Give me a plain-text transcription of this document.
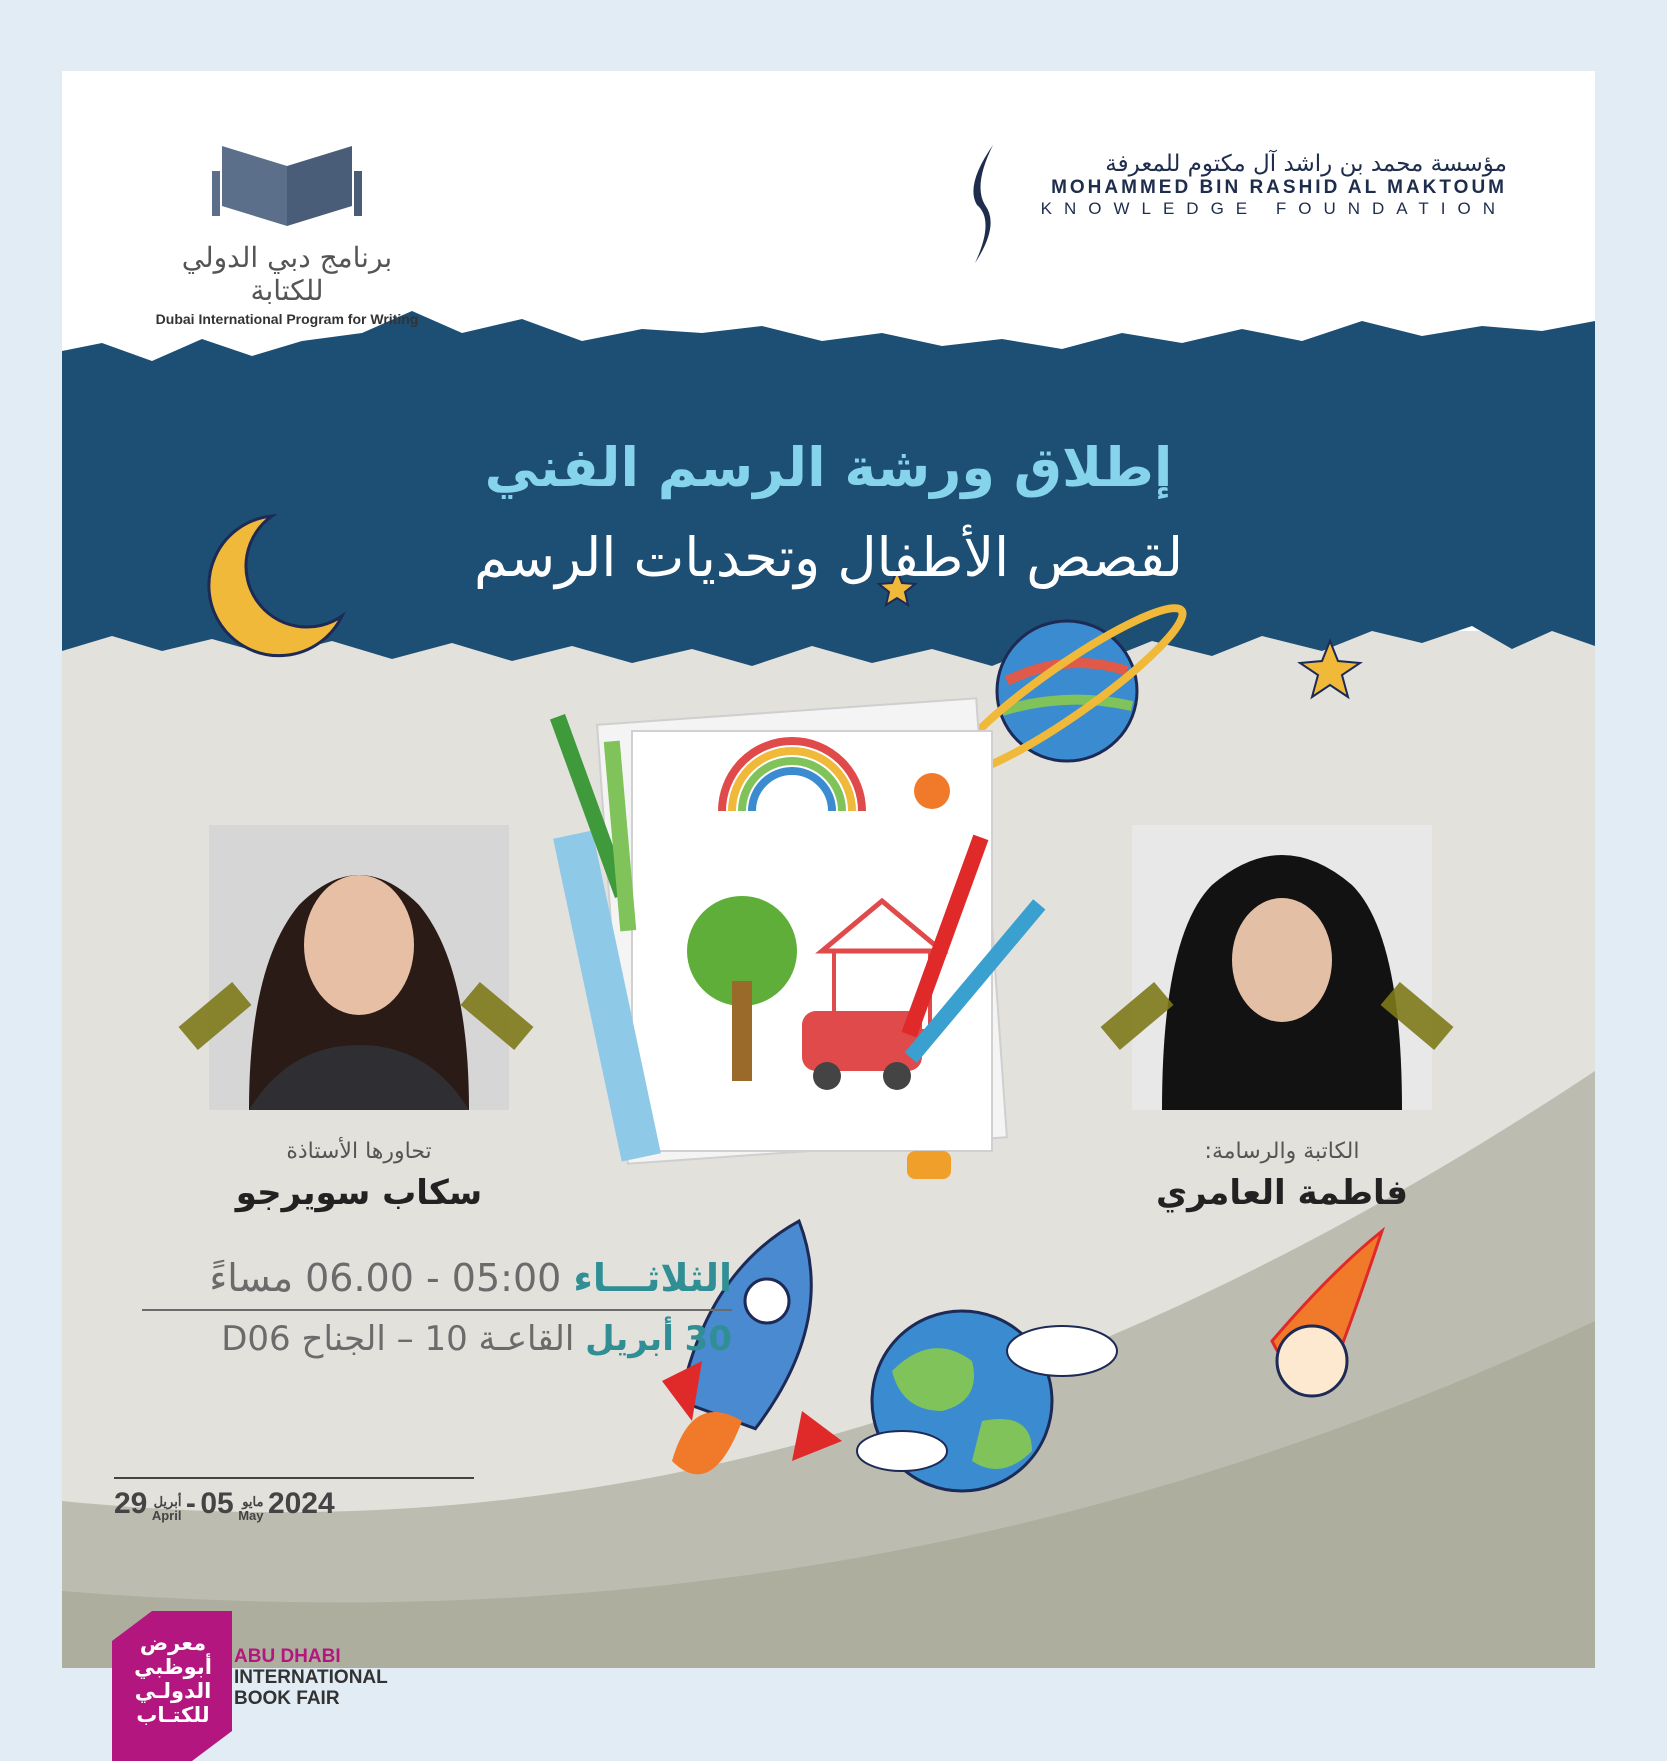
برنامج دبي الدولي للكتابة
Dubai International Program for Writing
مؤسسة محمد بن راشد آل مكتوم للمعرفة
MOHAMMED BIN RASHID AL MAKTOUM
KNOWLEDGE FOUNDATION
إطلاق ورشة الرسم الفني
لقصص الأطفال وتحديات الرسم
تحاورها الأستاذة
سكاب سويرجو
الكاتبة والرسامة:
فاطمة العامري
الثلاثـــاء 05:00 - 06.00 مساءً
30 أبريل القاعـة 10 – الجناح D06
معرض
أبوظبي
الدولـي
للكتـاب
ABU DHABI
INTERNATIONAL
BOOK FAIR
29 أبريل
April - 05 مايو
May 2024
